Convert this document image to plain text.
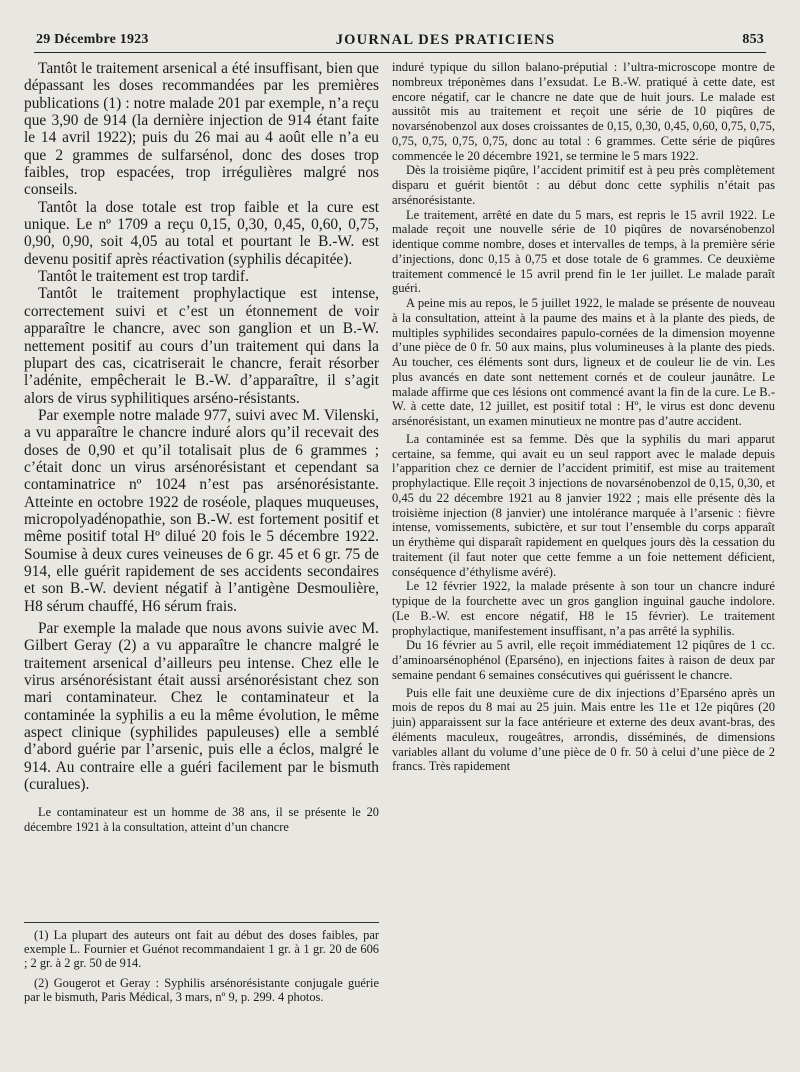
29 Décembre 1923	JOURNAL DES PRATICIENS	853

Tantôt le traitement arsenical a été insuffisant, bien que dépassant les doses recommandées par les premières publications (1) : notre malade 201 par exemple, n’a reçu que 3,90 de 914 (la dernière injection de 914 étant faite le 14 avril 1922); puis du 26 mai au 4 août elle n’a eu que 2 grammes de sulfarsénol, donc des doses trop faibles, trop espacées, trop irrégulières malgré nos conseils.

Tantôt la dose totale est trop faible et la cure est unique. Le nº 1709 a reçu 0,15, 0,30, 0,45, 0,60, 0,75, 0,90, 0,90, soit 4,05 au total et pourtant le B.-W. est devenu positif après réactivation (syphilis décapitée).

Tantôt le traitement est trop tardif.

Tantôt le traitement prophylactique est intense, correctement suivi et c’est un étonnement de voir apparaître le chancre, avec son ganglion et un B.-W. nettement positif au cours d’un traitement qui dans la plupart des cas, cicatriserait le chancre, ferait résorber l’adénite, empêcherait le B.-W. d’apparaître, il s’agit alors de virus syphilitiques arséno-résistants.

Par exemple notre malade 977, suivi avec M. Vilenski, a vu apparaître le chancre induré alors qu’il recevait des doses de 0,90 et qu’il totalisait plus de 6 grammes ; c’était donc un virus arsénorésistant et cependant sa contaminatrice nº 1024 n’est pas arsénorésistante. Atteinte en octobre 1922 de roséole, plaques muqueuses, micropolyadénopathie, son B.-W. est fortement positif et même positif total Hº dilué 20 fois le 5 décembre 1922. Soumise à deux cures veineuses de 6 gr. 45 et 6 gr. 75 de 914, elle guérit rapidement de ses accidents secondaires et son B.-W. devient négatif à l’antigène Desmoulière, H8 sérum chauffé, H6 sérum frais.

Par exemple la malade que nous avons suivie avec M. Gilbert Geray (2) a vu apparaître le chancre malgré le traitement arsenical d’ailleurs peu intense. Chez elle le virus arsénorésistant était aussi arsénorésistant chez son mari contaminateur. Chez le contaminateur et la contaminée la syphilis a eu la même évolution, le même aspect clinique (syphilides papuleuses) elle a semblé d’abord guérie par l’arsenic, puis elle a éclos, malgré le 914. Au contraire elle a guéri facilement par le bismuth (curalues).

Le contaminateur est un homme de 38 ans, il se présente le 20 décembre 1921 à la consultation, atteint d’un chancre

(1) La plupart des auteurs ont fait au début des doses faibles, par exemple L. Fournier et Guénot recommandaient 1 gr. à 1 gr. 20 de 606 ; 2 gr. à 2 gr. 50 de 914.

(2) Gougerot et Geray : Syphilis arsénorésistante conjugale guérie par le bismuth, Paris Médical, 3 mars, nº 9, p. 299. 4 photos.

induré typique du sillon balano-préputial : l’ultra-microscope montre de nombreux tréponèmes dans l’exsudat. Le B.-W. pratiqué à cette date, est encore négatif, car le chancre ne date que de huit jours. Le malade est aussitôt mis au traitement et reçoit une série de 10 piqûres de novarsénobenzol aux doses croissantes de 0,15, 0,30, 0,45, 0,60, 0,75, 0,75, 0,75, 0,75, 0,75, 0,75, donc au total : 6 grammes. Cette série de piqûres commencée le 20 décembre 1921, se termine le 5 mars 1922.

Dès la troisième piqûre, l’accident primitif est à peu près complètement disparu et guérit bientôt : au début donc cette syphilis n’était pas arsénorésistante.

Le traitement, arrêté en date du 5 mars, est repris le 15 avril 1922. Le malade reçoit une nouvelle série de 10 piqûres de novarsénobenzol identique comme nombre, doses et intervalles de temps, à la première série d’injections, donc 0,15 à 0,75 et dose totale de 6 grammes. Ce deuxième traitement commencé le 15 avril prend fin le 1er juillet. Le malade paraît guéri.

A peine mis au repos, le 5 juillet 1922, le malade se présente de nouveau à la consultation, atteint à la paume des mains et à la plante des pieds, de multiples syphilides secondaires papulo-cornées de la dimension moyenne d’une pièce de 0 fr. 50 aux mains, plus volumineuses à la plante des pieds. Au toucher, ces éléments sont durs, ligneux et de couleur lie de vin. Les plus avancés en date sont nettement cornés et de couleur jaunâtre. Le malade affirme que ces lésions ont commencé avant la fin de la cure. Le B.-W. à cette date, 12 juillet, est positif total : Hº, le virus est donc devenu arsénorésistant, un examen minutieux ne montre pas d’autre accident.

La contaminée est sa femme. Dès que la syphilis du mari apparut certaine, sa femme, qui avait eu un seul rapport avec le malade depuis l’apparition chez ce dernier de l’accident primitif, est mise au traitement prophylactique. Elle reçoit 3 injections de novarsénobenzol de 0,15, 0,30, et 0,45 du 22 décembre 1921 au 8 janvier 1922 ; mais elle présente dès la troisième injection (8 janvier) une intolérance marquée à l’arsenic : fièvre intense, vomissements, subictère, et sur tout l’ensemble du corps apparaît un érythème qui disparaît rapidement en quelques jours dès la cessation du traitement (il faut noter que cette femme a un foie nettement déficient, conséquence d’éthylisme avéré).

Le 12 février 1922, la malade présente à son tour un chancre induré typique de la fourchette avec un gros ganglion inguinal gauche indolore. (Le B.-W. est encore négatif, H8 le 15 février). Le traitement prophylactique, manifestement insuffisant, n’a pas arrêté la syphilis.

Du 16 février au 5 avril, elle reçoit immédiatement 12 piqûres de 1 cc. d’aminoarsénophénol (Eparséno), en injections faites à raison de deux par semaine pendant 6 semaines consécutives qui guérissent le chancre.

Puis elle fait une deuxième cure de dix injections d’Eparséno après un mois de repos du 8 mai au 25 juin. Mais entre les 11e et 12e piqûres (20 juin) apparaissent sur la face antérieure et externe des deux avant-bras, des éléments maculeux, rougeâtres, arrondis, disséminés, de dimensions variables allant du volume d’une pièce de 0 fr. 50 à celui d’une pièce de 2 francs. Très rapidement
